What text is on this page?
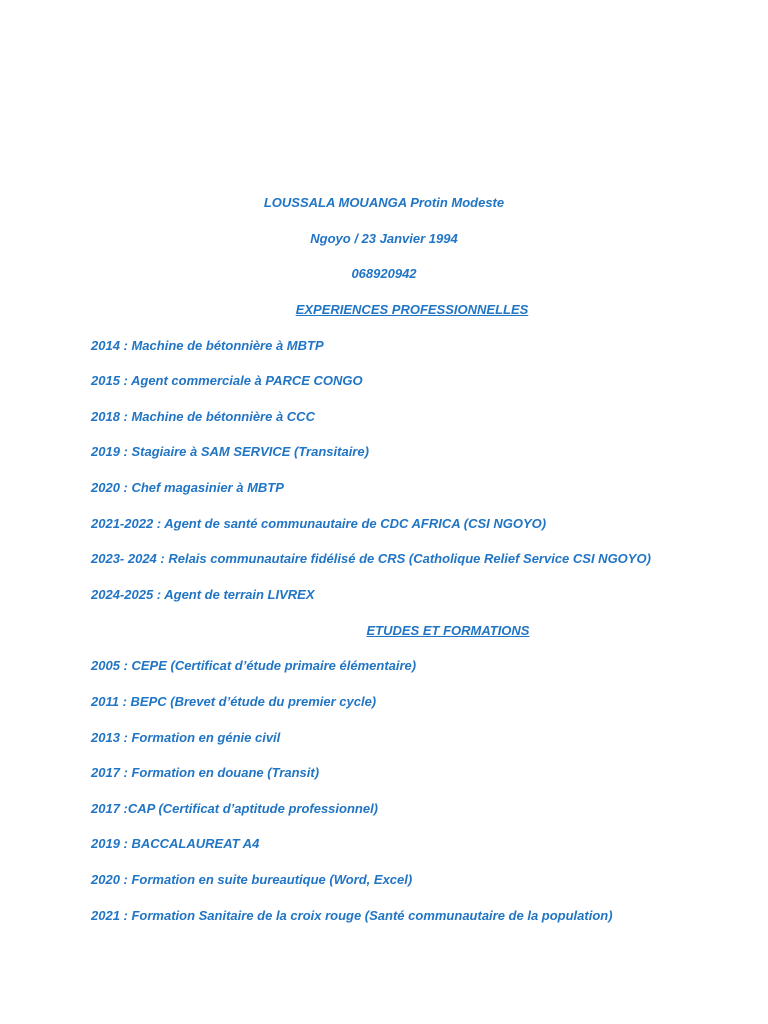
LOUSSALA MOUANGA Protin Modeste
Ngoyo / 23 Janvier 1994
068920942
EXPERIENCES PROFESSIONNELLES
2014 : Machine de bétonnière à MBTP
2015 : Agent commerciale à PARCE CONGO
2018 : Machine de bétonnière à CCC
2019 : Stagiaire à SAM SERVICE (Transitaire)
2020 : Chef magasinier à MBTP
2021-2022 : Agent de santé communautaire de CDC AFRICA (CSI NGOYO)
2023- 2024 : Relais communautaire fidélisé de CRS (Catholique Relief Service CSI NGOYO)
2024-2025 : Agent de terrain LIVREX
ETUDES ET FORMATIONS
2005 : CEPE (Certificat d’étude primaire élémentaire)
2011 : BEPC (Brevet d’étude du premier cycle)
2013 : Formation en génie civil
2017 : Formation en douane (Transit)
2017 :CAP (Certificat d’aptitude professionnel)
2019 : BACCALAUREAT A4
2020 : Formation en suite bureautique (Word, Excel)
2021 : Formation Sanitaire de la croix rouge (Santé communautaire de la population)
